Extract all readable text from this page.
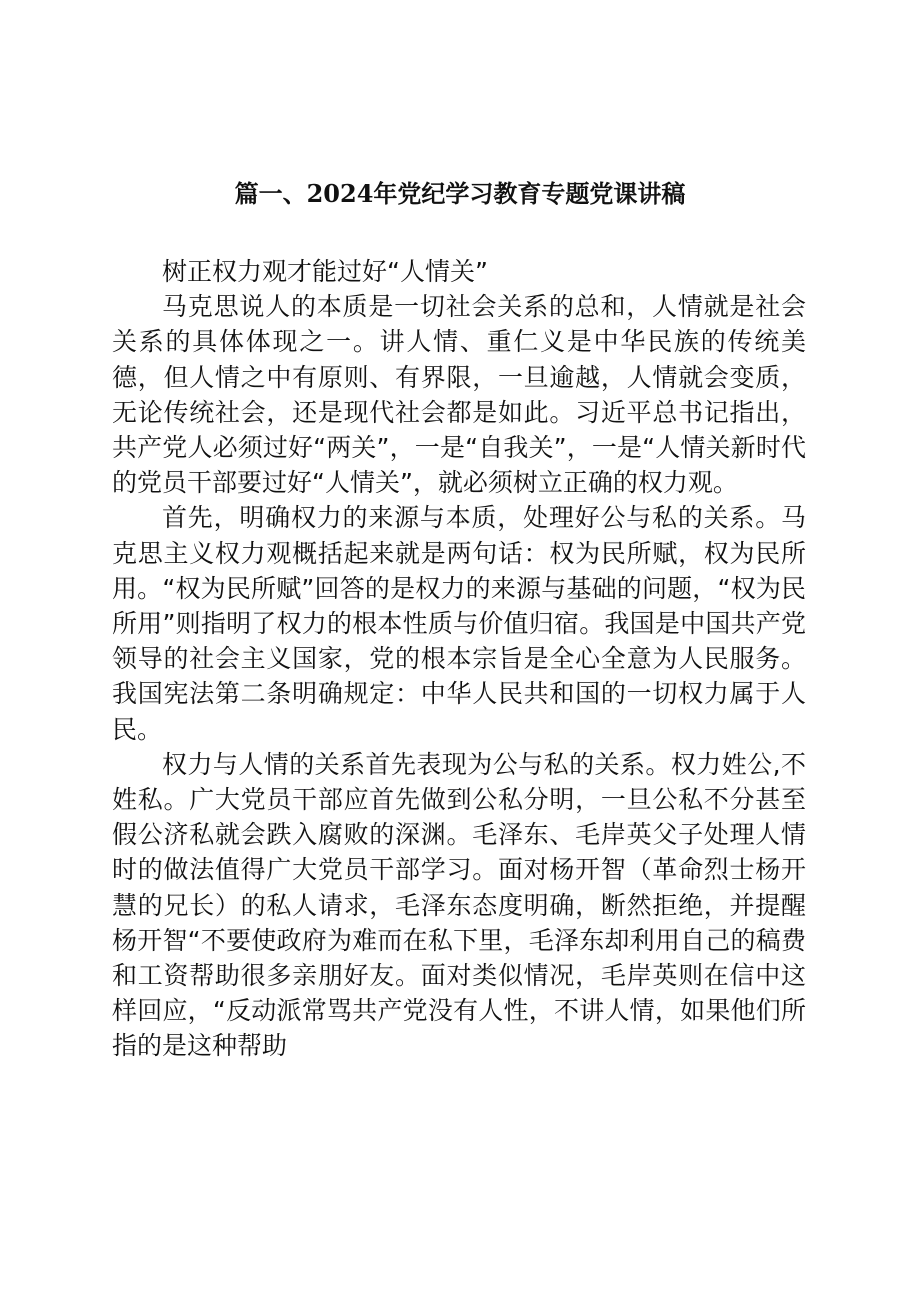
篇一、2024年党纪学习教育专题党课讲稿

树正权力观才能过好“人情关”

马克思说人的本质是一切社会关系的总和，人情就是社会关系的具体体现之一。讲人情、重仁义是中华民族的传统美德，但人情之中有原则、有界限，一旦逾越，人情就会变质，无论传统社会，还是现代社会都是如此。习近平总书记指出，共产党人必须过好“两关”，一是“自我关”，一是“人情关新时代的党员干部要过好“人情关”，就必须树立正确的权力观。

首先，明确权力的来源与本质，处理好公与私的关系。马克思主义权力观概括起来就是两句话：权为民所赋，权为民所用。“权为民所赋”回答的是权力的来源与基础的问题，“权为民所用”则指明了权力的根本性质与价值归宿。我国是中国共产党领导的社会主义国家，党的根本宗旨是全心全意为人民服务。我国宪法第二条明确规定：中华人民共和国的一切权力属于人民。

权力与人情的关系首先表现为公与私的关系。权力姓公,不姓私。广大党员干部应首先做到公私分明，一旦公私不分甚至假公济私就会跌入腐败的深渊。毛泽东、毛岸英父子处理人情时的做法值得广大党员干部学习。面对杨开智（革命烈士杨开慧的兄长）的私人请求，毛泽东态度明确，断然拒绝，并提醒杨开智“不要使政府为难而在私下里，毛泽东却利用自己的稿费和工资帮助很多亲朋好友。面对类似情况，毛岸英则在信中这样回应，“反动派常骂共产党没有人性，不讲人情，如果他们所指的是这种帮助
